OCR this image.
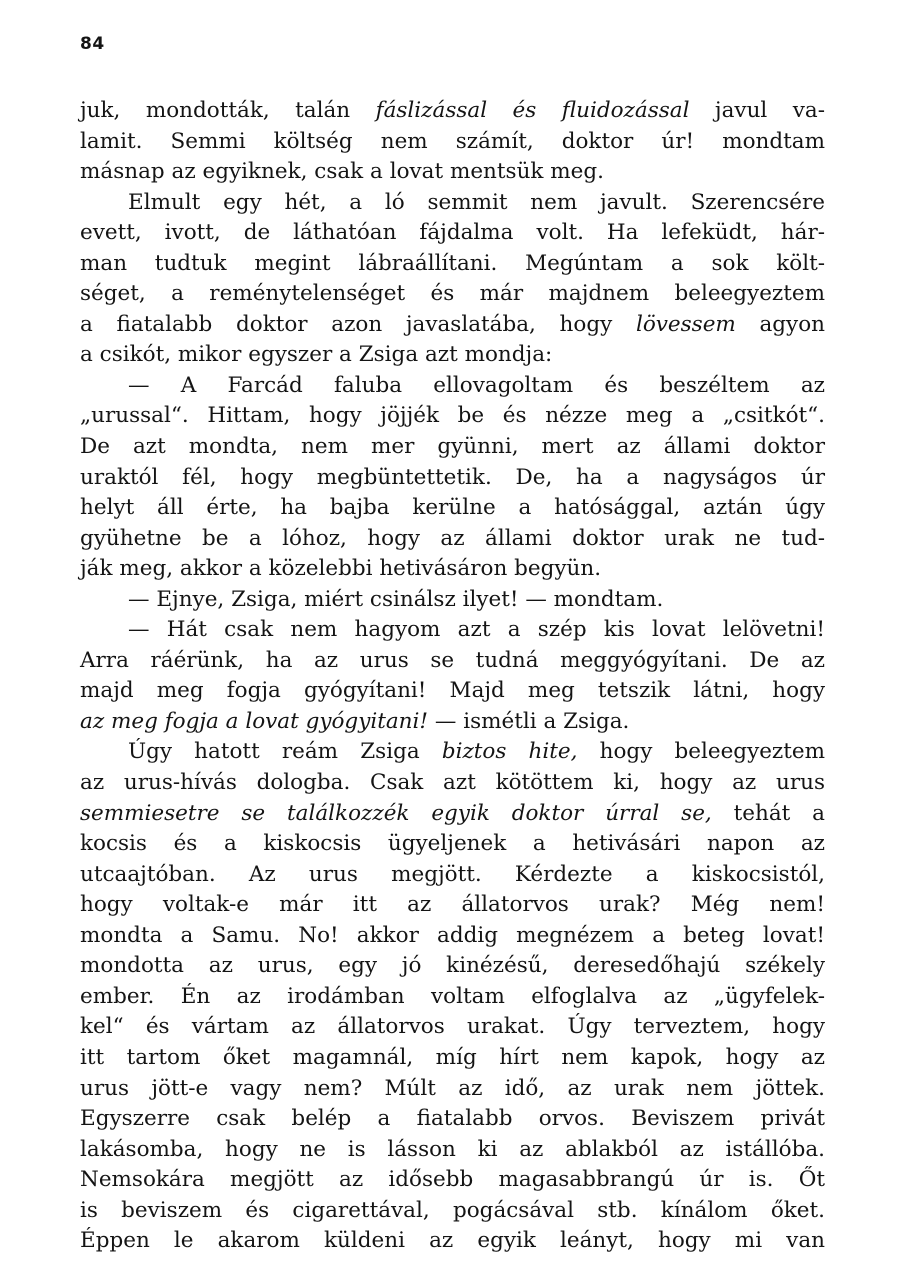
84
juk, mondották, talán fáslizással és fluidozással javul va-
lamit. Semmi költség nem számít, doktor úr! mondtam
másnap az egyiknek, csak a lovat mentsük meg.
Elmult egy hét, a ló semmit nem javult. Szerencsére
evett, ivott, de láthatóan fájdalma volt. Ha lefeküdt, hár-
man tudtuk megint lábraállítani. Megúntam a sok költ-
séget, a reménytelenséget és már majdnem beleegyeztem
a fiatalabb doktor azon javaslatába, hogy lövessem agyon
a csikót, mikor egyszer a Zsiga azt mondja:
— A Farcád faluba ellovagoltam és beszéltem az
„urussal“. Hittam, hogy jöjjék be és nézze meg a „csitkót“.
De azt mondta, nem mer gyünni, mert az állami doktor
uraktól fél, hogy megbüntettetik. De, ha a nagyságos úr
helyt áll érte, ha bajba kerülne a hatósággal, aztán úgy
gyühetne be a lóhoz, hogy az állami doktor urak ne tud-
ják meg, akkor a közelebbi hetivásáron begyün.
— Ejnye, Zsiga, miért csinálsz ilyet! — mondtam.
— Hát csak nem hagyom azt a szép kis lovat lelövetni!
Arra ráérünk, ha az urus se tudná meggyógyítani. De az
majd meg fogja gyógyítani! Majd meg tetszik látni, hogy
az meg fogja a lovat gyógyitani! — ismétli a Zsiga.
Úgy hatott reám Zsiga biztos hite, hogy beleegyeztem
az urus-hívás dologba. Csak azt kötöttem ki, hogy az urus
semmiesetre se találkozzék egyik doktor úrral se, tehát a
kocsis és a kiskocsis ügyeljenek a hetivásári napon az
utcaajtóban. Az urus megjött. Kérdezte a kiskocsistól,
hogy voltak-e már itt az állatorvos urak? Még nem!
mondta a Samu. No! akkor addig megnézem a beteg lovat!
mondotta az urus, egy jó kinézésű, deresedőhajú székely
ember. Én az irodámban voltam elfoglalva az „ügyfelek-
kel“ és vártam az állatorvos urakat. Úgy terveztem, hogy
itt tartom őket magamnál, míg hírt nem kapok, hogy az
urus jött-e vagy nem? Múlt az idő, az urak nem jöttek.
Egyszerre csak belép a fiatalabb orvos. Beviszem privát
lakásomba, hogy ne is lásson ki az ablakból az istállóba.
Nemsokára megjött az idősebb magasabbrangú úr is. Őt
is beviszem és cigarettával, pogácsával stb. kínálom őket.
Éppen le akarom küldeni az egyik leányt, hogy mi van
